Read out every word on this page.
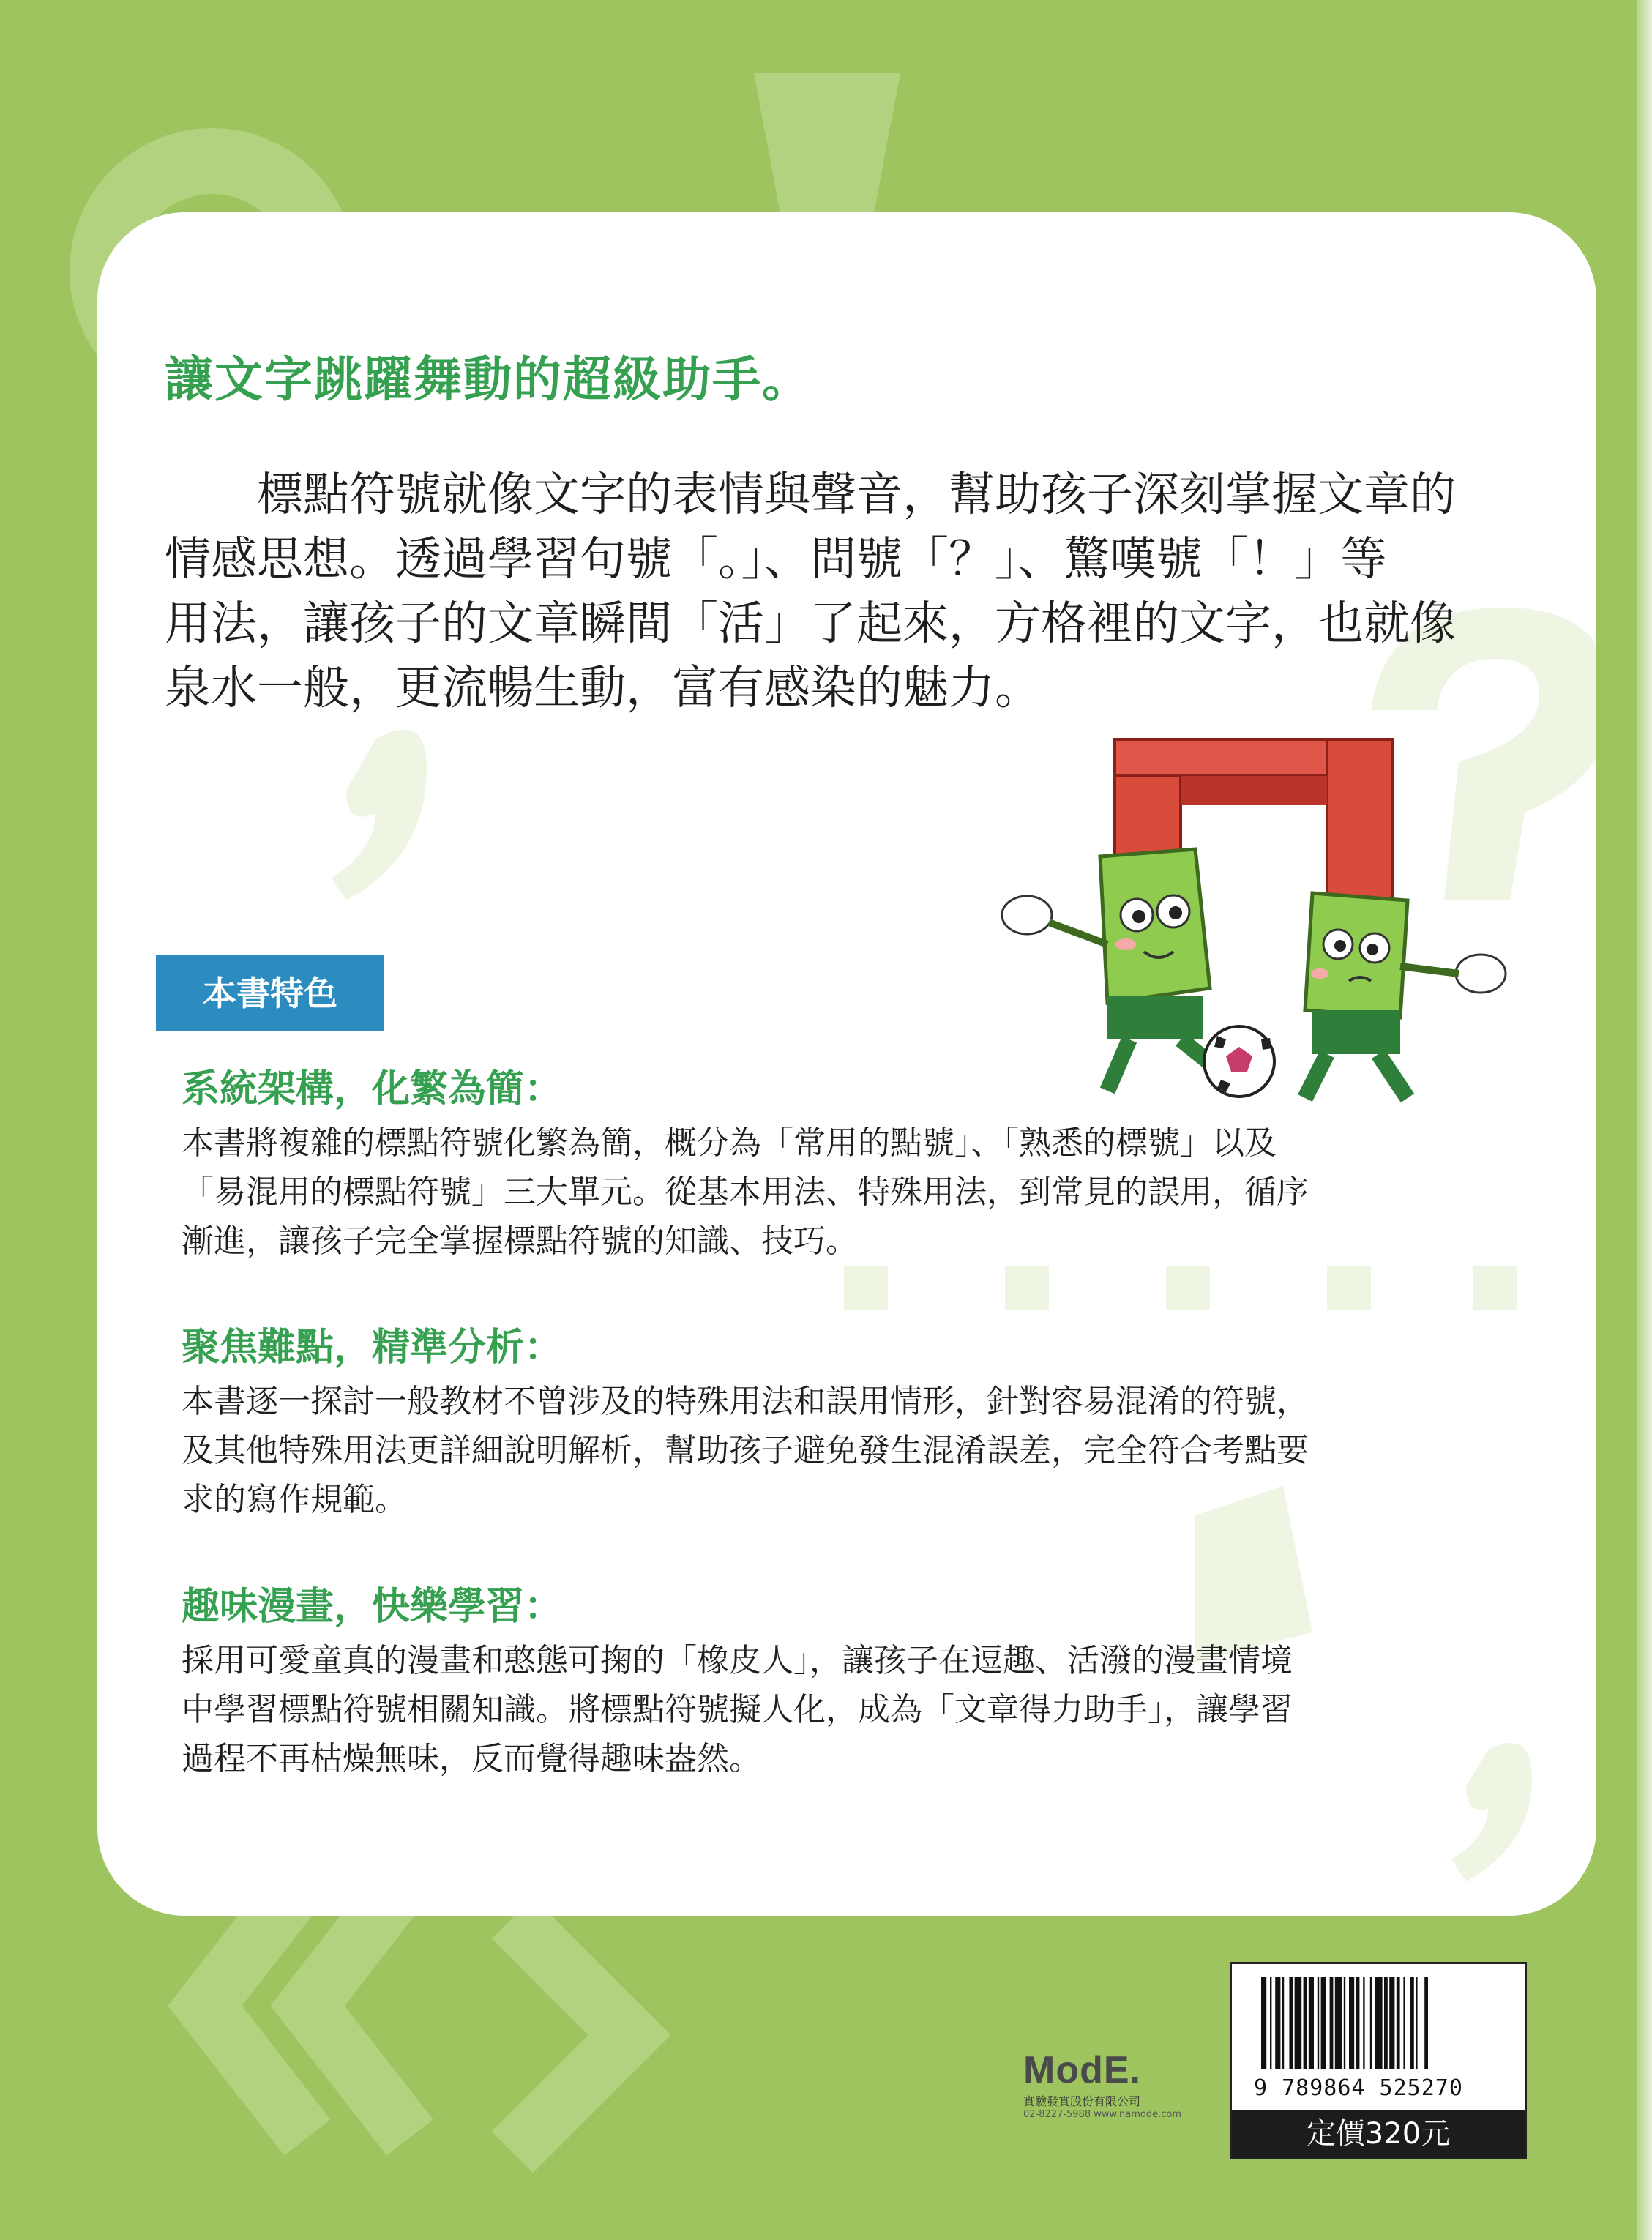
讓文字跳躍舞動的超級助手。
　　標點符號就像文字的表情與聲音，幫助孩子深刻掌握文章的
情感思想。透過學習句號「。」、問號「？」、驚嘆號「！」等
用法，讓孩子的文章瞬間「活」了起來，方格裡的文字，也就像
泉水一般，更流暢生動，富有感染的魅力。
本書特色
系統架構，化繁為簡：
本書將複雜的標點符號化繁為簡，概分為「常用的點號」、「熟悉的標號」以及
「易混用的標點符號」三大單元。從基本用法、特殊用法，到常見的誤用，循序
漸進，讓孩子完全掌握標點符號的知識、技巧。
聚焦難點，精準分析：
本書逐一探討一般教材不曾涉及的特殊用法和誤用情形，針對容易混淆的符號，
及其他特殊用法更詳細說明解析，幫助孩子避免發生混淆誤差，完全符合考點要
求的寫作規範。
趣味漫畫，快樂學習：
採用可愛童真的漫畫和憨態可掬的「橡皮人」，讓孩子在逗趣、活潑的漫畫情境
中學習標點符號相關知識。將標點符號擬人化，成為「文章得力助手」，讓學習
過程不再枯燥無味，反而覺得趣味盎然。
ModE.
實驗發實股份有限公司
02-8227-5988 www.namode.com
9 789864 525270
定價320元
